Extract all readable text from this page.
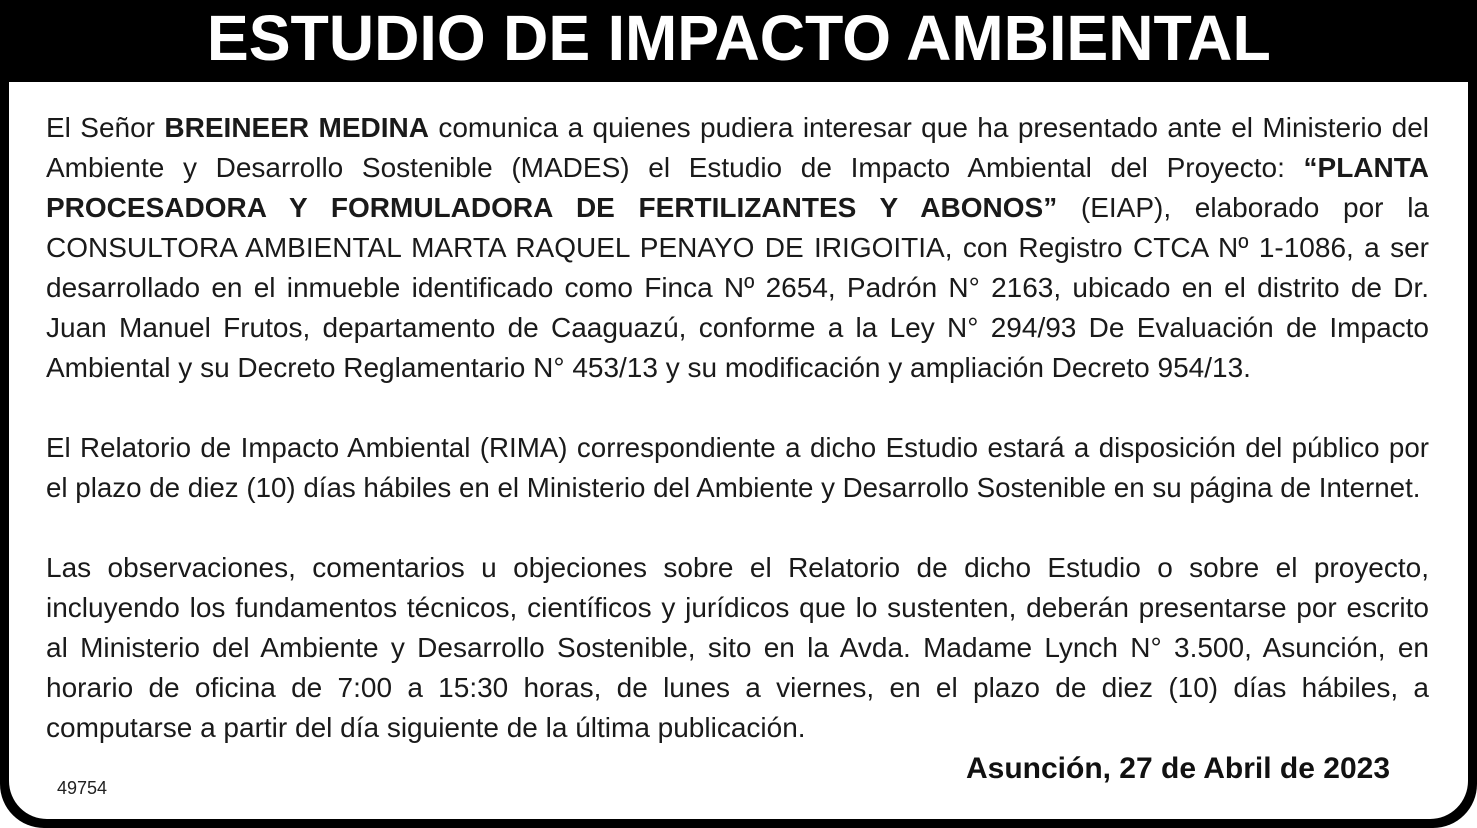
ESTUDIO DE IMPACTO AMBIENTAL

El Señor BREINEER MEDINA comunica a quienes pudiera interesar que ha presentado ante el Ministerio del Ambiente y Desarrollo Sostenible (MADES) el Estudio de Impacto Ambiental del Proyecto: “PLANTA PROCESADORA Y FORMULADORA DE FERTILIZANTES Y ABONOS” (EIAP), elaborado por la CONSULTORA AMBIENTAL MARTA RAQUEL PENAYO DE IRIGOITIA, con Registro CTCA Nº 1-1086, a ser desarrollado en el inmueble identificado como Finca Nº 2654, Padrón N° 2163, ubicado en el distrito de Dr. Juan Manuel Frutos, departamento de Caaguazú, conforme a la Ley N° 294/93 De Evaluación de Impacto Ambiental y su Decreto Reglamentario N° 453/13 y su modificación y ampliación Decreto 954/13.

El Relatorio de Impacto Ambiental (RIMA) correspondiente a dicho Estudio estará a disposición del público por el plazo de diez (10) días hábiles en el Ministerio del Ambiente y Desarrollo Sostenible en su página de Internet.

Las observaciones, comentarios u objeciones sobre el Relatorio de dicho Estudio o sobre el proyecto, incluyendo los fundamentos técnicos, científicos y jurídicos que lo sustenten, deberán presentarse por escrito al Ministerio del Ambiente y Desarrollo Sostenible, sito en la Avda. Madame Lynch N° 3.500, Asunción, en horario de oficina de 7:00 a 15:30 horas, de lunes a viernes, en el plazo de diez (10) días hábiles, a computarse a partir del día siguiente de la última publicación.

Asunción, 27 de Abril de 2023
49754
